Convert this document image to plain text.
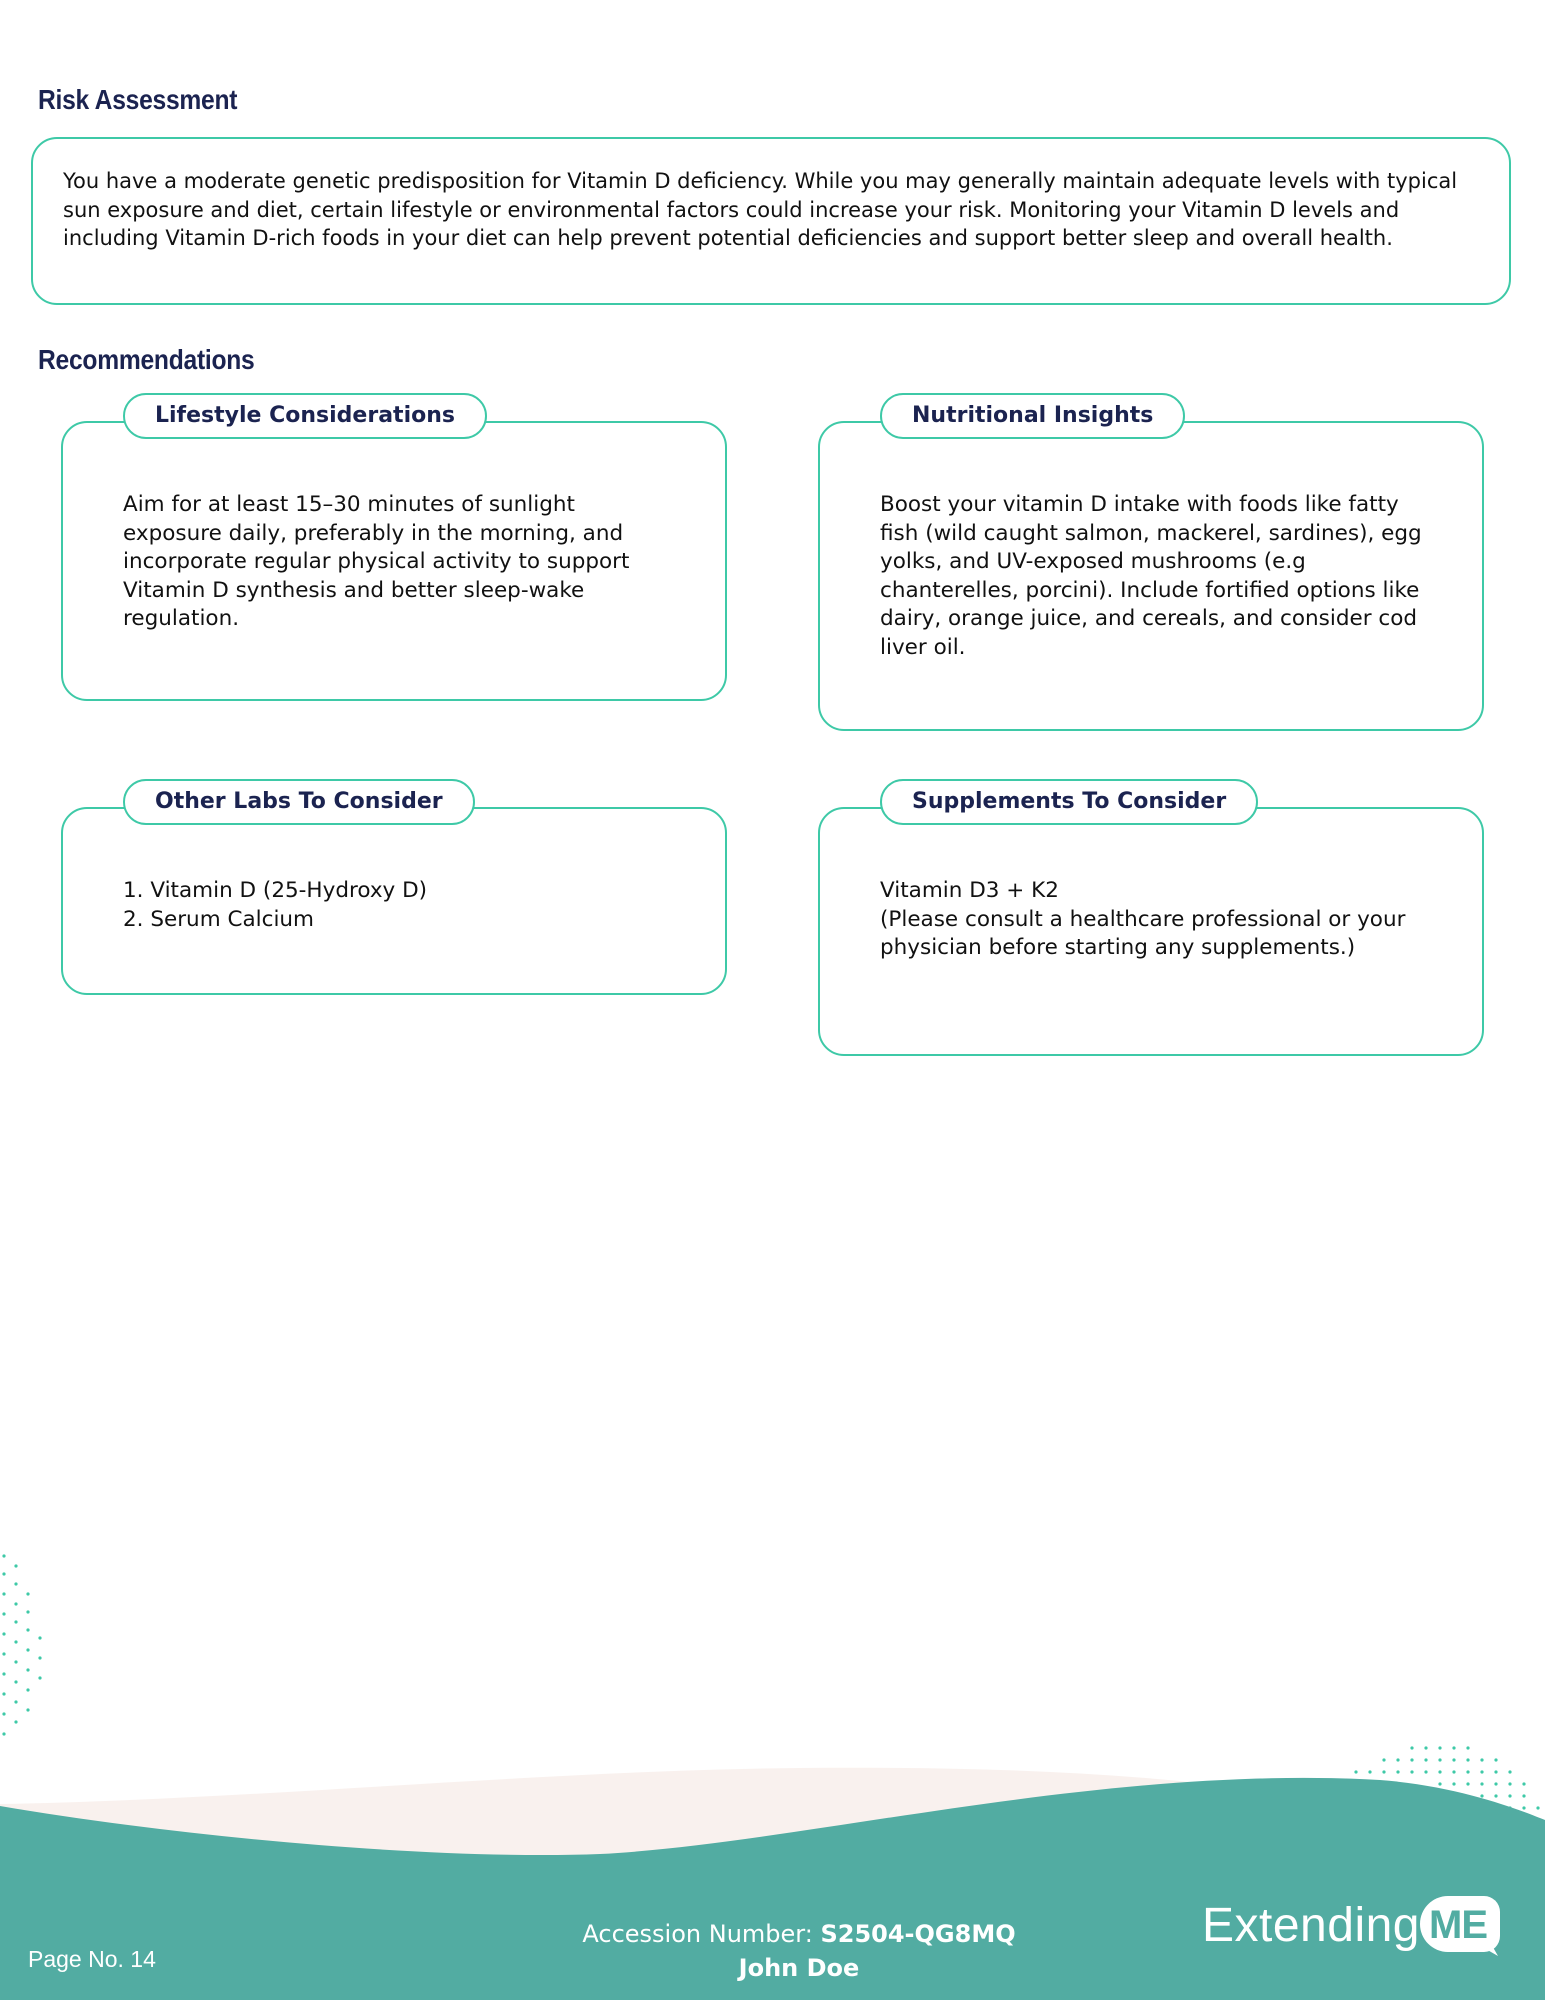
Risk Assessment
You have a moderate genetic predisposition for Vitamin D deficiency. While you may generally maintain adequate levels with typical sun exposure and diet, certain lifestyle or environmental factors could increase your risk. Monitoring your Vitamin D levels and including Vitamin D-rich foods in your diet can help prevent potential deficiencies and support better sleep and overall health.
Recommendations
Lifestyle Considerations
Aim for at least 15–30 minutes of sunlight exposure daily, preferably in the morning, and incorporate regular physical activity to support Vitamin D synthesis and better sleep-wake regulation.
Nutritional Insights
Boost your vitamin D intake with foods like fatty fish (wild caught salmon, mackerel, sardines), egg yolks, and UV-exposed mushrooms (e.g chanterelles, porcini). Include fortified options like dairy, orange juice, and cereals, and consider cod liver oil.
Other Labs To Consider
1. Vitamin D (25-Hydroxy D)
2. Serum Calcium
Supplements To Consider
Vitamin D3 + K2
(Please consult a healthcare professional or your physician before starting any supplements.)
Page No. 14
Accession Number: S2504-QG8MQ
John Doe
Extending ME
